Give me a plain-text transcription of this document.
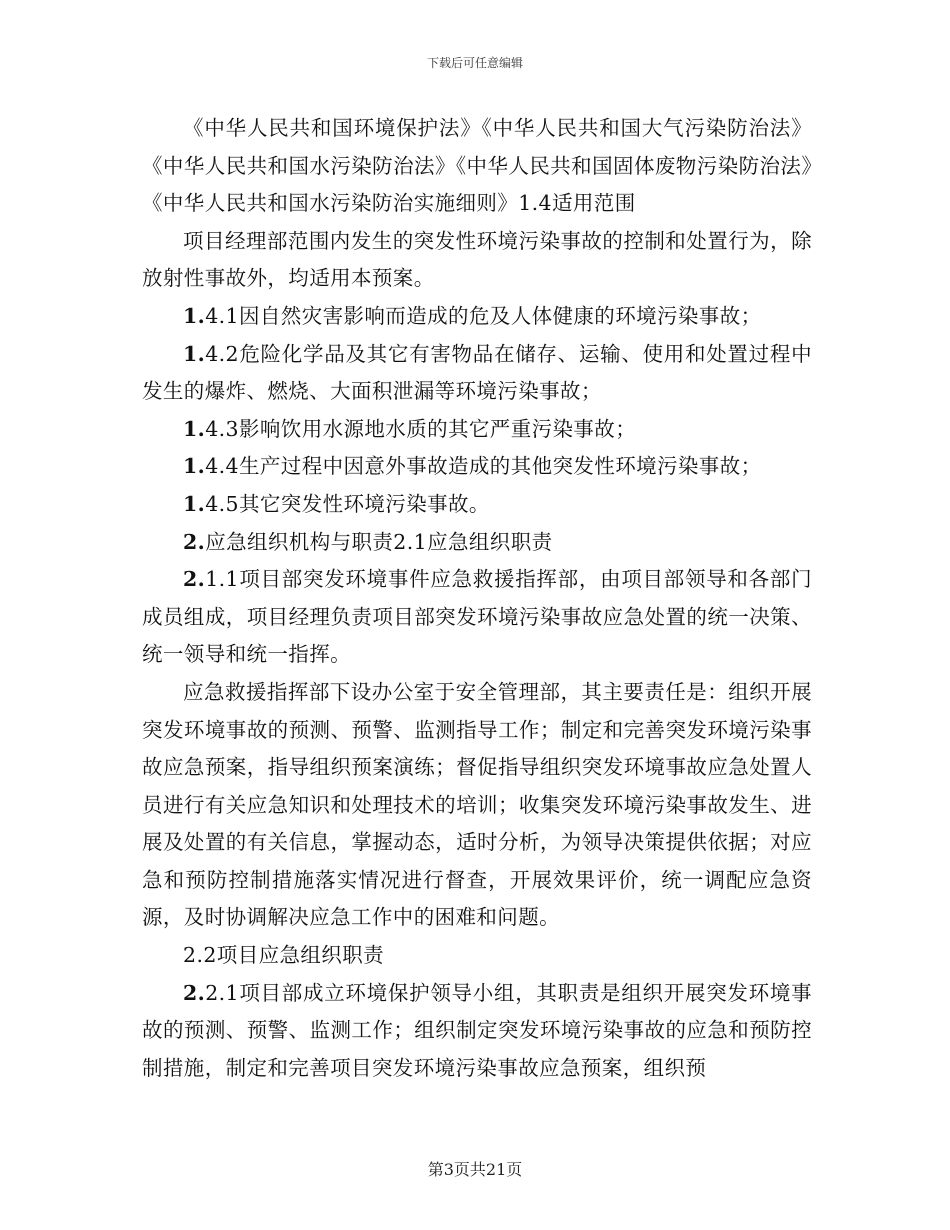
下载后可任意编辑

《中华人民共和国环境保护法》《中华人民共和国大气污染防治法》《中华人民共和国水污染防治法》《中华人民共和国固体废物污染防治法》《中华人民共和国水污染防治实施细则》1.4适用范围

项目经理部范围内发生的突发性环境污染事故的控制和处置行为，除放射性事故外，均适用本预案。

1.4.1因自然灾害影响而造成的危及人体健康的环境污染事故；

1.4.2危险化学品及其它有害物品在储存、运输、使用和处置过程中发生的爆炸、燃烧、大面积泄漏等环境污染事故；

1.4.3影响饮用水源地水质的其它严重污染事故；

1.4.4生产过程中因意外事故造成的其他突发性环境污染事故；

1.4.5其它突发性环境污染事故。

2.应急组织机构与职责2.1应急组织职责

2.1.1项目部突发环境事件应急救援指挥部，由项目部领导和各部门成员组成，项目经理负责项目部突发环境污染事故应急处置的统一决策、统一领导和统一指挥。

应急救援指挥部下设办公室于安全管理部，其主要责任是：组织开展突发环境事故的预测、预警、监测指导工作；制定和完善突发环境污染事故应急预案，指导组织预案演练；督促指导组织突发环境事故应急处置人员进行有关应急知识和处理技术的培训；收集突发环境污染事故发生、进展及处置的有关信息，掌握动态，适时分析，为领导决策提供依据；对应急和预防控制措施落实情况进行督查，开展效果评价，统一调配应急资源，及时协调解决应急工作中的困难和问题。

2.2项目应急组织职责

2.2.1项目部成立环境保护领导小组，其职责是组织开展突发环境事故的预测、预警、监测工作；组织制定突发环境污染事故的应急和预防控制措施，制定和完善项目突发环境污染事故应急预案，组织预

第3页共21页
